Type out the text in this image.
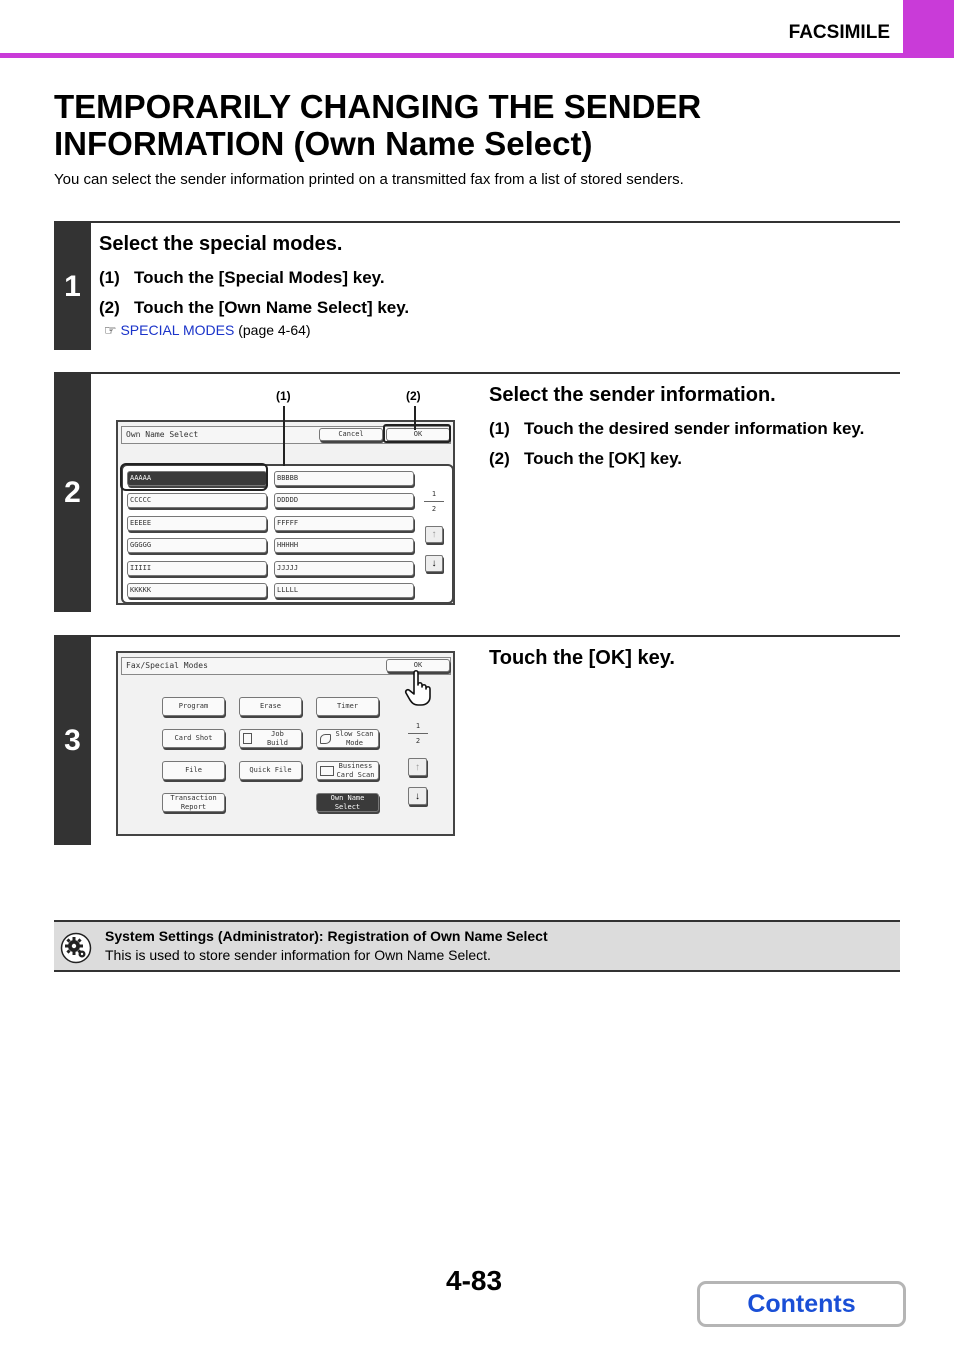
FACSIMILE
TEMPORARILY CHANGING THE SENDER INFORMATION (Own Name Select)
You can select the sender information printed on a transmitted fax from a list of stored senders.
1
Select the special modes.
(1)   Touch the [Special Modes] key.
(2)   Touch the [Own Name Select] key.
☞ SPECIAL MODES (page 4-64)
2
Select the sender information.
(1)   Touch the desired sender information key.
(2)   Touch the [OK] key.
(1)	(2)
Own Name Select	Cancel	OK
AAAAA	BBBBB
CCCCC	DDDDD
EEEEE	FFFFF
GGGGG	HHHHH
IIIII	JJJJJ
KKKKK	LLLLL
1
2
↑
↓
3
Touch the [OK] key.
Fax/Special Modes	OK
Program	Erase	Timer
Card Shot
Job Build
Slow Scan Mode
File	Quick File
Business Card Scan
Transaction Report
Own Name Select
1
2
↑
↓
System Settings (Administrator): Registration of Own Name Select
This is used to store sender information for Own Name Select.
4-83
Contents
